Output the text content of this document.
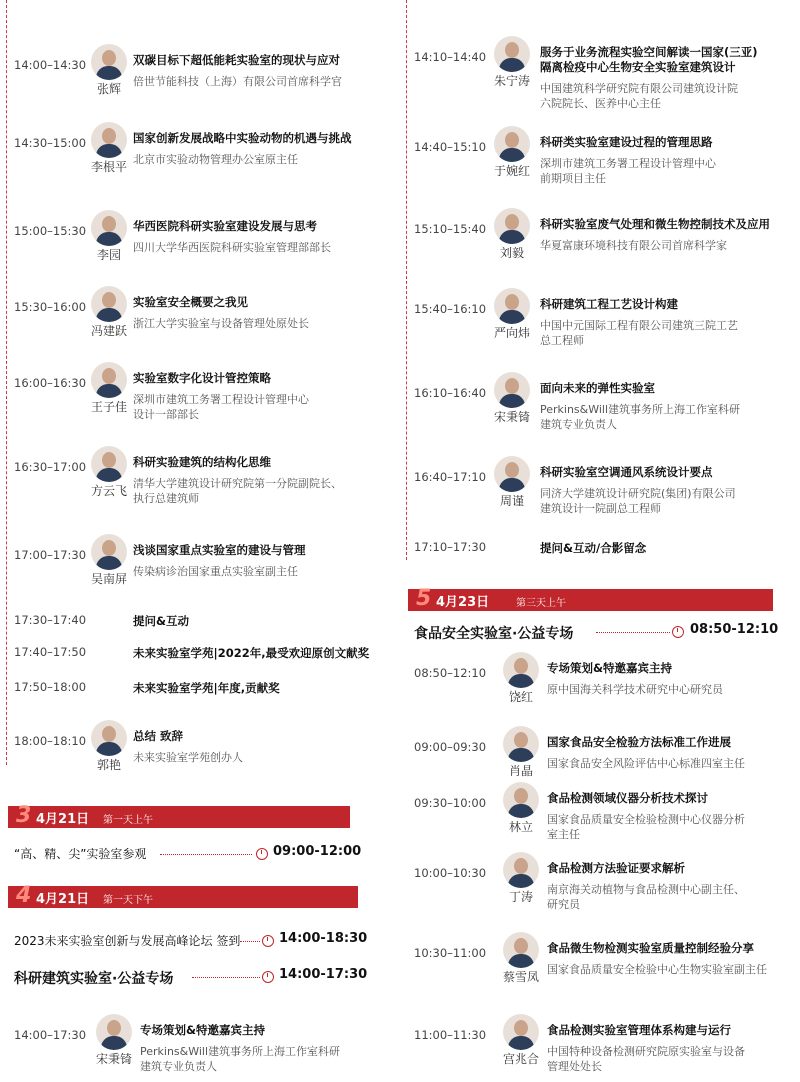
14:00–14:30
张辉
双碳目标下超低能耗实验室的现状与应对
倍世节能科技（上海）有限公司首席科学官
14:30–15:00
李根平
国家创新发展战略中实验动物的机遇与挑战
北京市实验动物管理办公室原主任
15:00–15:30
李园
华西医院科研实验室建设发展与思考
四川大学华西医院科研实验室管理部部长
15:30–16:00
冯建跃
实验室安全概要之我见
浙江大学实验室与设备管理处原处长
16:00–16:30
王子佳
实验室数字化设计管控策略
深圳市建筑工务署工程设计管理中心
设计一部部长
16:30–17:00
方云飞
科研实验建筑的结构化思维
清华大学建筑设计研究院第一分院副院长、
执行总建筑师
17:00–17:30
吴南屏
浅谈国家重点实验室的建设与管理
传染病诊治国家重点实验室副主任
17:30–17:40	提问&互动
17:40–17:50	未来实验室学苑|2022年,最受欢迎原创文献奖
17:50–18:00	未来实验室学苑|年度,贡献奖
18:00–18:10
郭艳
总结 致辞
未来实验室学苑创办人
3 4月21日 第一天上午
“高、精、尖”实验室参观	09:00-12:00
4 4月21日 第一天下午
2023未来实验室创新与发展高峰论坛 签到	14:00-18:30
科研建筑实验室·公益专场	14:00-17:30
14:00–17:30
宋秉锜
专场策划&特邀嘉宾主持
Perkins&Will建筑事务所上海工作室科研
建筑专业负责人
14:10–14:40
朱宁涛
服务于业务流程实验空间解读一国家(三亚)
隔离检疫中心生物安全实验室建筑设计
中国建筑科学研究院有限公司建筑设计院
六院院长、医养中心主任
14:40–15:10
于婉红
科研类实验室建设过程的管理思路
深圳市建筑工务署工程设计管理中心
前期项目主任
15:10–15:40
刘毅
科研实验室废气处理和微生物控制技术及应用
华夏富康环境科技有限公司首席科学家
15:40–16:10
严向炜
科研建筑工程工艺设计构建
中国中元国际工程有限公司建筑三院工艺
总工程师
16:10–16:40
宋秉锜
面向未来的弹性实验室
Perkins&Will建筑事务所上海工作室科研
建筑专业负责人
16:40–17:10
周谨
科研实验室空调通风系统设计要点
同济大学建筑设计研究院(集团)有限公司
建筑设计一院副总工程师
17:10–17:30	提问&互动/合影留念
5 4月23日	第三天上午
食品安全实验室·公益专场	08:50-12:10
08:50–12:10
饶红
专场策划&特邀嘉宾主持
原中国海关科学技术研究中心研究员
09:00–09:30
肖晶
国家食品安全检验方法标准工作进展
国家食品安全风险评估中心标准四室主任
09:30–10:00
林立
食品检测领域仪器分析技术探讨
国家食品质量安全检验检测中心仪器分析
室主任
10:00–10:30
丁涛
食品检测方法验证要求解析
南京海关动植物与食品检测中心副主任、
研究员
10:30–11:00
蔡雪凤
食品微生物检测实验室质量控制经验分享
国家食品质量安全检验中心生物实验室副主任
11:00–11:30
宫兆合
食品检测实验室管理体系构建与运行
中国特种设备检测研究院原实验室与设备
管理处处长
